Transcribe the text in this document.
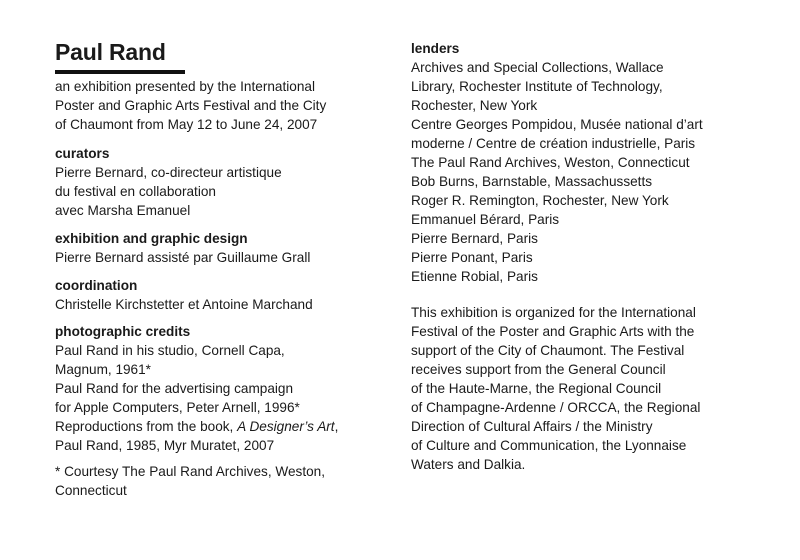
Paul Rand
an exhibition presented by the International
Poster and Graphic Arts Festival and the City
of Chaumont from May 12 to June 24, 2007
curators
Pierre Bernard, co-directeur artistique
du festival en collaboration
avec Marsha Emanuel
exhibition and graphic design
Pierre Bernard assisté par Guillaume Grall
coordination
Christelle Kirchstetter et Antoine Marchand
photographic credits
Paul Rand in his studio, Cornell Capa,
Magnum, 1961*
Paul Rand for the advertising campaign
for Apple Computers, Peter Arnell, 1996*
Reproductions from the book, A Designer’s Art,
Paul Rand, 1985, Myr Muratet, 2007
* Courtesy The Paul Rand Archives, Weston,
Connecticut
lenders
Archives and Special Collections, Wallace
Library, Rochester Institute of Technology,
Rochester, New York
Centre Georges Pompidou, Musée national d’art
moderne / Centre de création industrielle, Paris
The Paul Rand Archives, Weston, Connecticut
Bob Burns, Barnstable, Massachussetts
Roger R. Remington, Rochester, New York
Emmanuel Bérard, Paris
Pierre Bernard, Paris
Pierre Ponant, Paris
Etienne Robial, Paris
This exhibition is organized for the International
Festival of the Poster and Graphic Arts with the
support of the City of Chaumont. The Festival
receives support from the General Council
of the Haute-Marne, the Regional Council
of Champagne-Ardenne / ORCCA, the Regional
Direction of Cultural Affairs / the Ministry
of Culture and Communication, the Lyonnaise
Waters and Dalkia.
